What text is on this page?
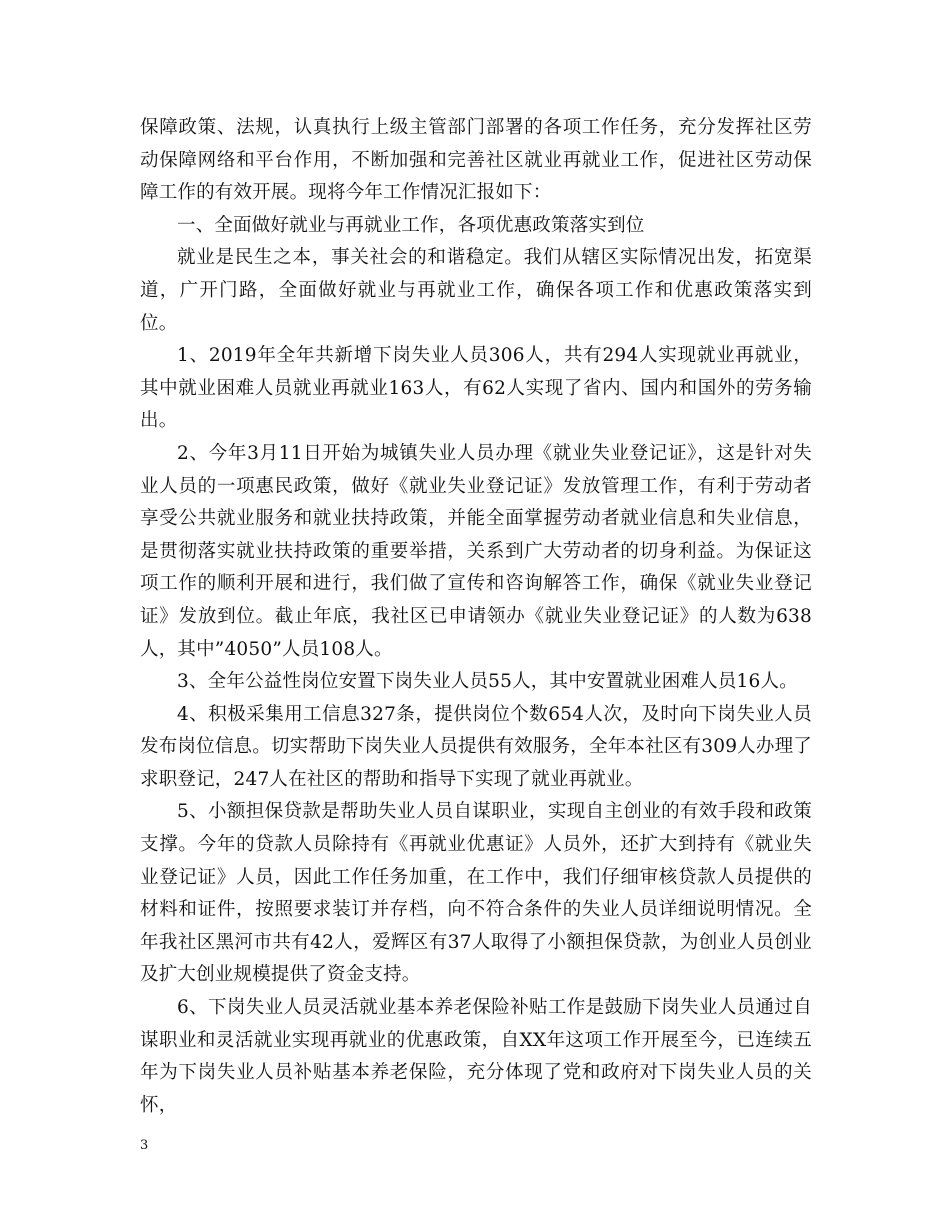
保障政策、法规，认真执行上级主管部门部署的各项工作任务，充分发挥社区劳动保障网络和平台作用，不断加强和完善社区就业再就业工作，促进社区劳动保障工作的有效开展。现将今年工作情况汇报如下：

一、全面做好就业与再就业工作，各项优惠政策落实到位

就业是民生之本，事关社会的和谐稳定。我们从辖区实际情况出发，拓宽渠道，广开门路，全面做好就业与再就业工作，确保各项工作和优惠政策落实到位。

1、2019年全年共新增下岗失业人员306人，共有294人实现就业再就业，其中就业困难人员就业再就业163人，有62人实现了省内、国内和国外的劳务输出。

2、今年3月11日开始为城镇失业人员办理《就业失业登记证》，这是针对失业人员的一项惠民政策，做好《就业失业登记证》发放管理工作，有利于劳动者享受公共就业服务和就业扶持政策，并能全面掌握劳动者就业信息和失业信息，是贯彻落实就业扶持政策的重要举措，关系到广大劳动者的切身利益。为保证这项工作的顺利开展和进行，我们做了宣传和咨询解答工作，确保《就业失业登记证》发放到位。截止年底，我社区已申请领办《就业失业登记证》的人数为638人，其中”4050”人员108人。

3、全年公益性岗位安置下岗失业人员55人，其中安置就业困难人员16人。

4、积极采集用工信息327条，提供岗位个数654人次，及时向下岗失业人员发布岗位信息。切实帮助下岗失业人员提供有效服务，全年本社区有309人办理了求职登记，247人在社区的帮助和指导下实现了就业再就业。

5、小额担保贷款是帮助失业人员自谋职业，实现自主创业的有效手段和政策支撑。今年的贷款人员除持有《再就业优惠证》人员外，还扩大到持有《就业失业登记证》人员，因此工作任务加重，在工作中，我们仔细审核贷款人员提供的材料和证件，按照要求装订并存档，向不符合条件的失业人员详细说明情况。全年我社区黑河市共有42人，爱辉区有37人取得了小额担保贷款，为创业人员创业及扩大创业规模提供了资金支持。

6、下岗失业人员灵活就业基本养老保险补贴工作是鼓励下岗失业人员通过自谋职业和灵活就业实现再就业的优惠政策，自XX年这项工作开展至今，已连续五年为下岗失业人员补贴基本养老保险，充分体现了党和政府对下岗失业人员的关怀，

3
